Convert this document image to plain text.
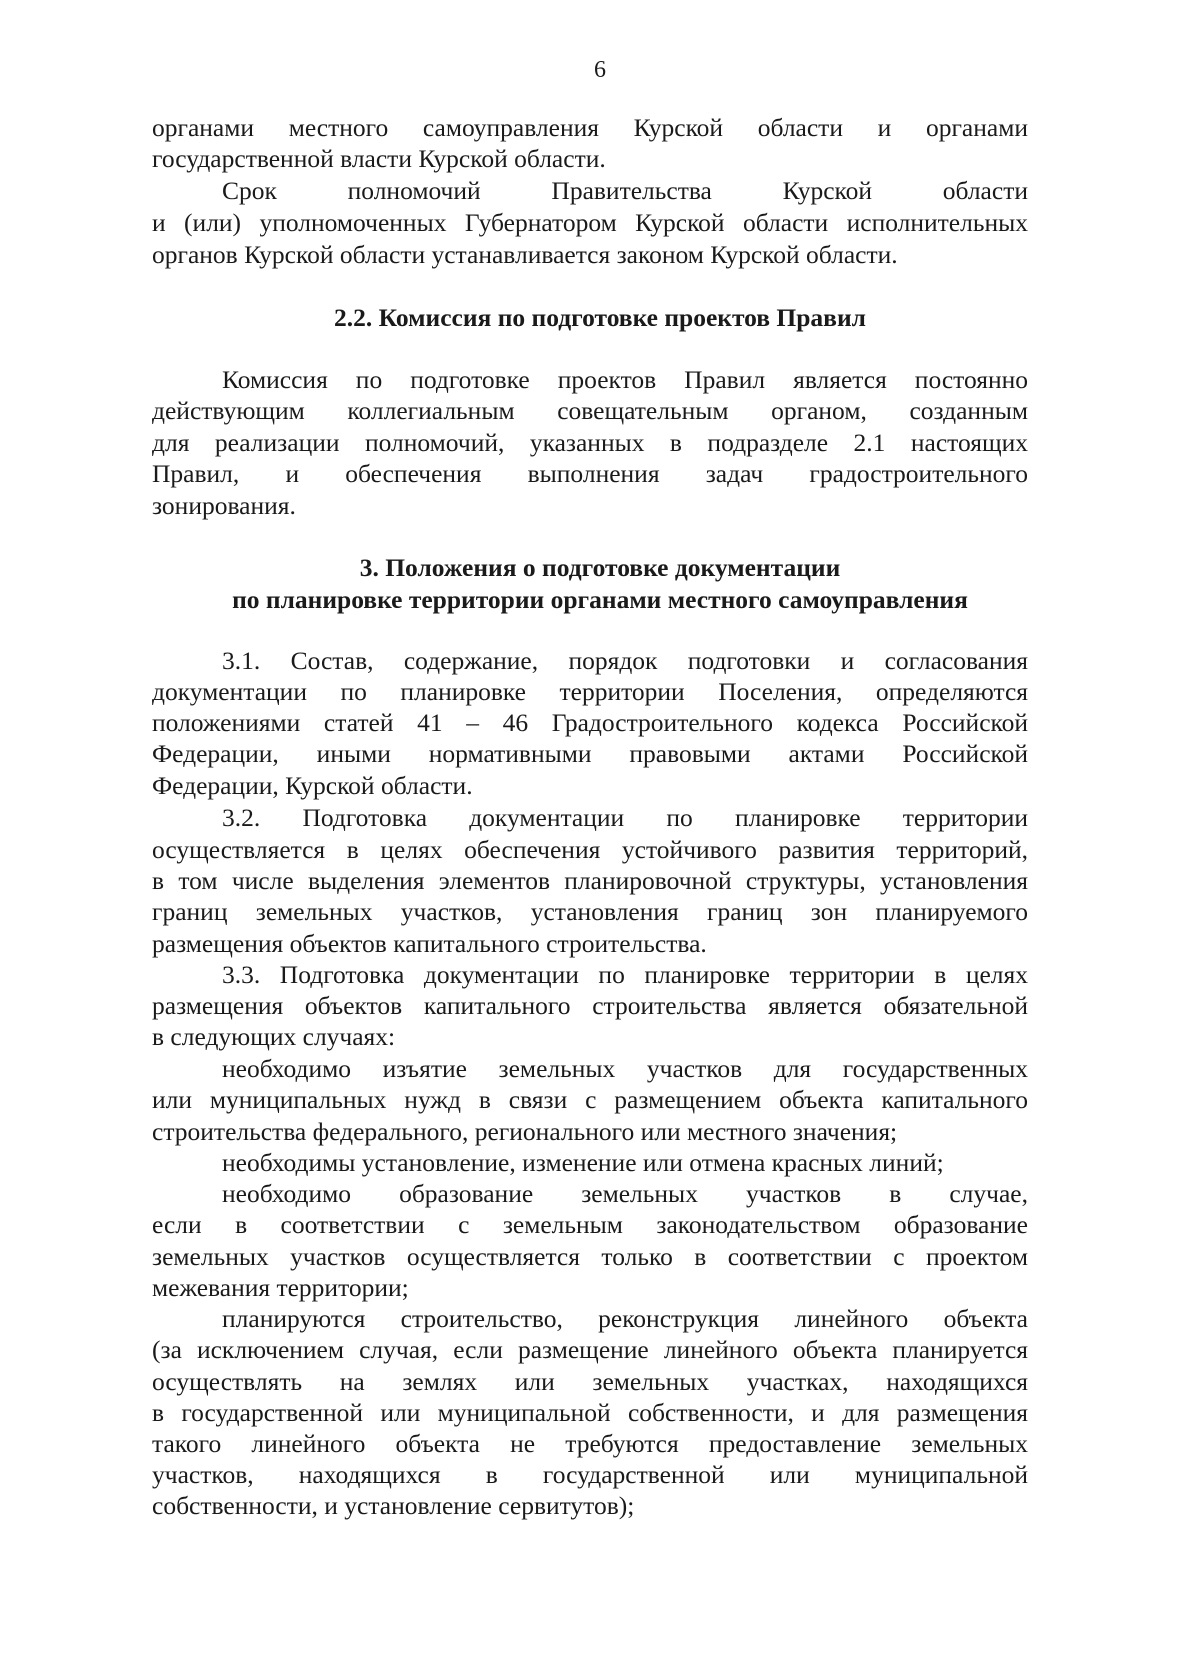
6
органами местного самоуправления Курской области и органами
государственной власти Курской области.
Срок полномочий Правительства Курской области
и (или) уполномоченных Губернатором Курской области исполнительных
органов Курской области устанавливается законом Курской области.
2.2. Комиссия по подготовке проектов Правил
Комиссия по подготовке проектов Правил является постоянно
действующим коллегиальным совещательным органом, созданным
для реализации полномочий, указанных в подразделе 2.1 настоящих
Правил, и обеспечения выполнения задач градостроительного
зонирования.
3. Положения о подготовке документации
по планировке территории органами местного самоуправления
3.1. Состав, содержание, порядок подготовки и согласования
документации по планировке территории Поселения, определяются
положениями статей 41 – 46 Градостроительного кодекса Российской
Федерации, иными нормативными правовыми актами Российской
Федерации, Курской области.
3.2. Подготовка документации по планировке территории
осуществляется в целях обеспечения устойчивого развития территорий,
в том числе выделения элементов планировочной структуры, установления
границ земельных участков, установления границ зон планируемого
размещения объектов капитального строительства.
3.3. Подготовка документации по планировке территории в целях
размещения объектов капитального строительства является обязательной
в следующих случаях:
необходимо изъятие земельных участков для государственных
или муниципальных нужд в связи с размещением объекта капитального
строительства федерального, регионального или местного значения;
необходимы установление, изменение или отмена красных линий;
необходимо образование земельных участков в случае,
если в соответствии с земельным законодательством образование
земельных участков осуществляется только в соответствии с проектом
межевания территории;
планируются строительство, реконструкция линейного объекта
(за исключением случая, если размещение линейного объекта планируется
осуществлять на землях или земельных участках, находящихся
в государственной или муниципальной собственности, и для размещения
такого линейного объекта не требуются предоставление земельных
участков, находящихся в государственной или муниципальной
собственности, и установление сервитутов);
